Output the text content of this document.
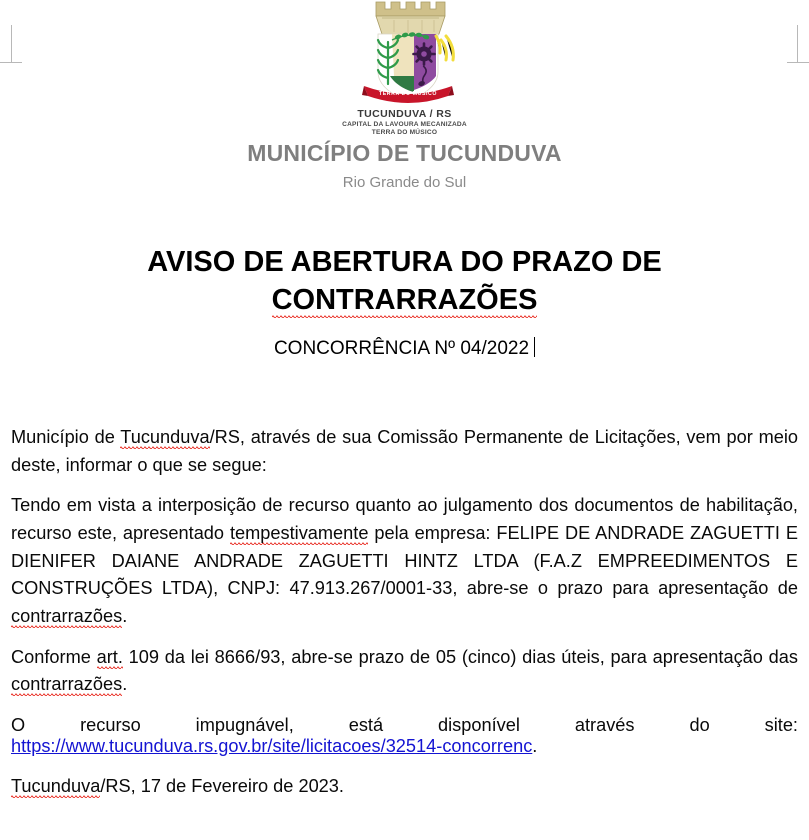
TERRA DO MÚSICO
TUCUNDUVA / RS
CAPITAL DA LAVOURA MECANIZADA
TERRA DO MÚSICO
MUNICÍPIO DE TUCUNDUVA
Rio Grande do Sul
AVISO DE ABERTURA DO PRAZO DE
CONTRARRAZÕES
CONCORRÊNCIA Nº 04/2022

Município de Tucunduva/RS, através de sua Comissão Permanente de Licitações, vem por meio deste, informar o que se segue:

Tendo em vista a interposição de recurso quanto ao julgamento dos documentos de habilitação, recurso este, apresentado tempestivamente pela empresa: FELIPE DE ANDRADE ZAGUETTI E DIENIFER DAIANE ANDRADE ZAGUETTI HINTZ LTDA (F.A.Z EMPREEDIMENTOS E CONSTRUÇÕES LTDA), CNPJ: 47.913.267/0001-33, abre-se o prazo para apresentação de contrarrazões.

Conforme art. 109 da lei 8666/93, abre-se prazo de 05 (cinco) dias úteis, para apresentação das contrarrazões.

O recurso impugnável, está disponível através do site:

https://www.tucunduva.rs.gov.br/site/licitacoes/32514-concorrenc.

Tucunduva/RS, 17 de Fevereiro de 2023.
